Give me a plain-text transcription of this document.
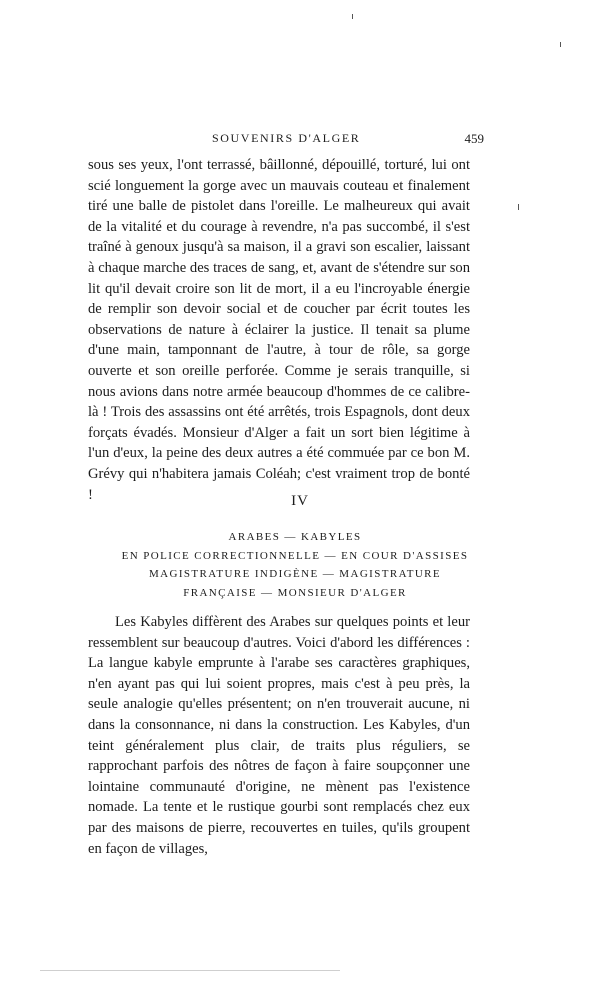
SOUVENIRS D'ALGER	459

sous ses yeux, l'ont terrassé, bâillonné, dépouillé, torturé, lui ont scié longuement la gorge avec un mauvais couteau et finalement tiré une balle de pistolet dans l'oreille. Le malheureux qui avait de la vitalité et du courage à revendre, n'a pas succombé, il s'est traîné à genoux jusqu'à sa maison, il a gravi son escalier, laissant à chaque marche des traces de sang, et, avant de s'étendre sur son lit qu'il devait croire son lit de mort, il a eu l'incroyable énergie de remplir son devoir social et de coucher par écrit toutes les observations de nature à éclairer la justice. Il tenait sa plume d'une main, tamponnant de l'autre, à tour de rôle, sa gorge ouverte et son oreille perforée. Comme je serais tranquille, si nous avions dans notre armée beaucoup d'hommes de ce calibre-là ! Trois des assassins ont été arrêtés, trois Espagnols, dont deux forçats évadés. Monsieur d'Alger a fait un sort bien légitime à l'un d'eux, la peine des deux autres a été commuée par ce bon M. Grévy qui n'habitera jamais Coléah; c'est vraiment trop de bonté !	IV
ARABES — KABYLES
EN POLICE CORRECTIONNELLE — EN COUR D'ASSISES
MAGISTRATURE INDIGÈNE — MAGISTRATURE
FRANÇAISE — MONSIEUR D'ALGER

Les Kabyles diffèrent des Arabes sur quelques points et leur ressemblent sur beaucoup d'autres. Voici d'abord les différences : La langue kabyle emprunte à l'arabe ses caractères graphiques, n'en ayant pas qui lui soient propres, mais c'est à peu près, la seule analogie qu'elles présentent; on n'en trouverait aucune, ni dans la consonnance, ni dans la construction. Les Kabyles, d'un teint généralement plus clair, de traits plus réguliers, se rapprochant parfois des nôtres de façon à faire soupçonner une lointaine communauté d'origine, ne mènent pas l'existence nomade. La tente et le rustique gourbi sont remplacés chez eux par des maisons de pierre, recouvertes en tuiles, qu'ils groupent en façon de villages,
